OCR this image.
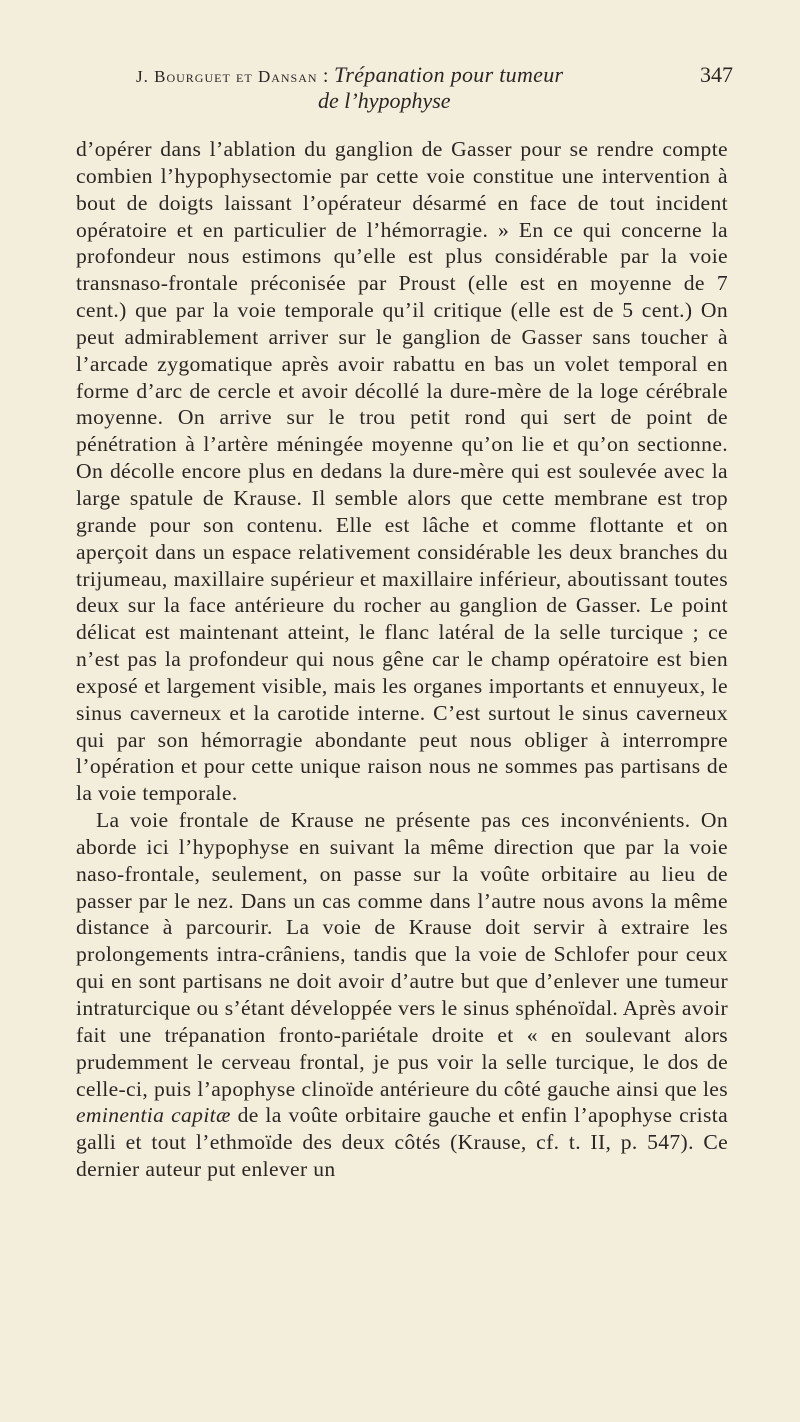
J. Bourguet et Dansan : Trépanation pour tumeur	347
de l’hypophyse

d’opérer dans l’ablation du ganglion de Gasser pour se rendre compte combien l’hypophysectomie par cette voie constitue une intervention à bout de doigts laissant l’opérateur désarmé en face de tout incident opératoire et en particulier de l’hémorragie. » En ce qui concerne la profondeur nous estimons qu’elle est plus considérable par la voie transnaso-frontale préconisée par Proust (elle est en moyenne de 7 cent.) que par la voie temporale qu’il critique (elle est de 5 cent.) On peut admirablement arriver sur le ganglion de Gasser sans toucher à l’arcade zygomatique après avoir rabattu en bas un volet temporal en forme d’arc de cercle et avoir décollé la dure-mère de la loge cérébrale moyenne. On arrive sur le trou petit rond qui sert de point de pénétration à l’artère méningée moyenne qu’on lie et qu’on sectionne. On décolle encore plus en dedans la dure-mère qui est soulevée avec la large spatule de Krause. Il semble alors que cette membrane est trop grande pour son contenu. Elle est lâche et comme flottante et on aperçoit dans un espace relativement considérable les deux branches du trijumeau, maxillaire supérieur et maxillaire inférieur, aboutissant toutes deux sur la face antérieure du rocher au ganglion de Gasser. Le point délicat est maintenant atteint, le flanc latéral de la selle turcique ; ce n’est pas la profondeur qui nous gêne car le champ opératoire est bien exposé et largement visible, mais les organes importants et ennuyeux, le sinus caverneux et la carotide interne. C’est surtout le sinus caverneux qui par son hémorragie abondante peut nous obliger à interrompre l’opération et pour cette unique raison nous ne sommes pas partisans de la voie temporale.

La voie frontale de Krause ne présente pas ces inconvénients. On aborde ici l’hypophyse en suivant la même direction que par la voie naso-frontale, seulement, on passe sur la voûte orbitaire au lieu de passer par le nez. Dans un cas comme dans l’autre nous avons la même distance à parcourir. La voie de Krause doit servir à extraire les prolongements intra-crâniens, tandis que la voie de Schlofer pour ceux qui en sont partisans ne doit avoir d’autre but que d’enlever une tumeur intraturcique ou s’étant développée vers le sinus sphénoïdal. Après avoir fait une trépanation fronto-pariétale droite et « en soulevant alors prudemment le cerveau frontal, je pus voir la selle turcique, le dos de celle-ci, puis l’apophyse clinoïde antérieure du côté gauche ainsi que les eminentia capitæ de la voûte orbitaire gauche et enfin l’apophyse crista galli et tout l’ethmoïde des deux côtés (Krause, cf. t. II, p. 547). Ce dernier auteur put enlever un
